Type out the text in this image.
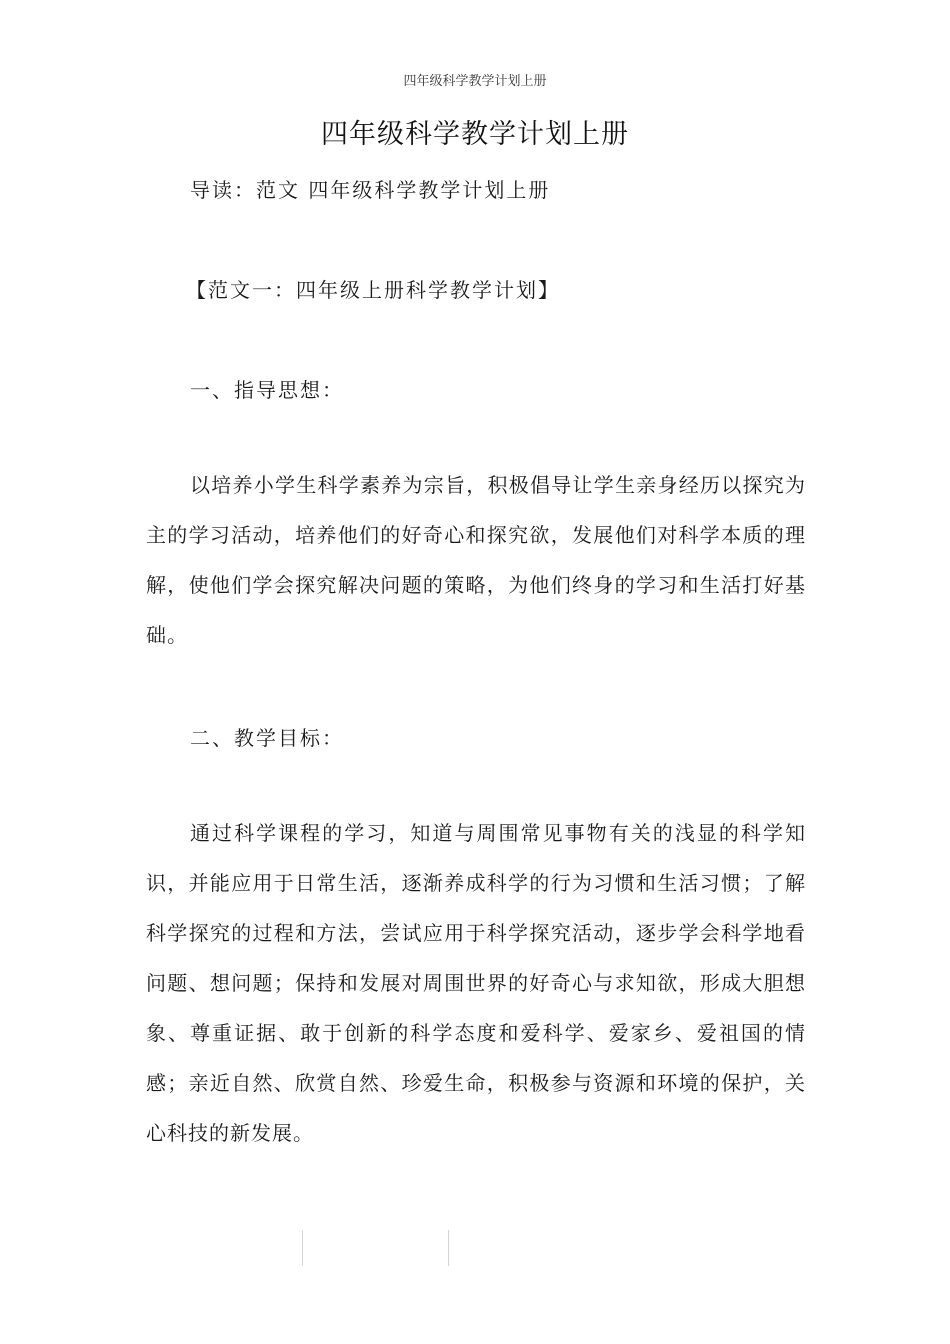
四年级科学教学计划上册
四年级科学教学计划上册
导读：范文 四年级科学教学计划上册
【范文一：四年级上册科学教学计划】
一、指导思想：
以培养小学生科学素养为宗旨，积极倡导让学生亲身经历以探究为主的学习活动，培养他们的好奇心和探究欲，发展他们对科学本质的理解，使他们学会探究解决问题的策略，为他们终身的学习和生活打好基础。
二、教学目标：
通过科学课程的学习，知道与周围常见事物有关的浅显的科学知识，并能应用于日常生活，逐渐养成科学的行为习惯和生活习惯；了解科学探究的过程和方法，尝试应用于科学探究活动，逐步学会科学地看问题、想问题；保持和发展对周围世界的好奇心与求知欲，形成大胆想象、尊重证据、敢于创新的科学态度和爱科学、爱家乡、爱祖国的情感；亲近自然、欣赏自然、珍爱生命，积极参与资源和环境的保护，关心科技的新发展。
